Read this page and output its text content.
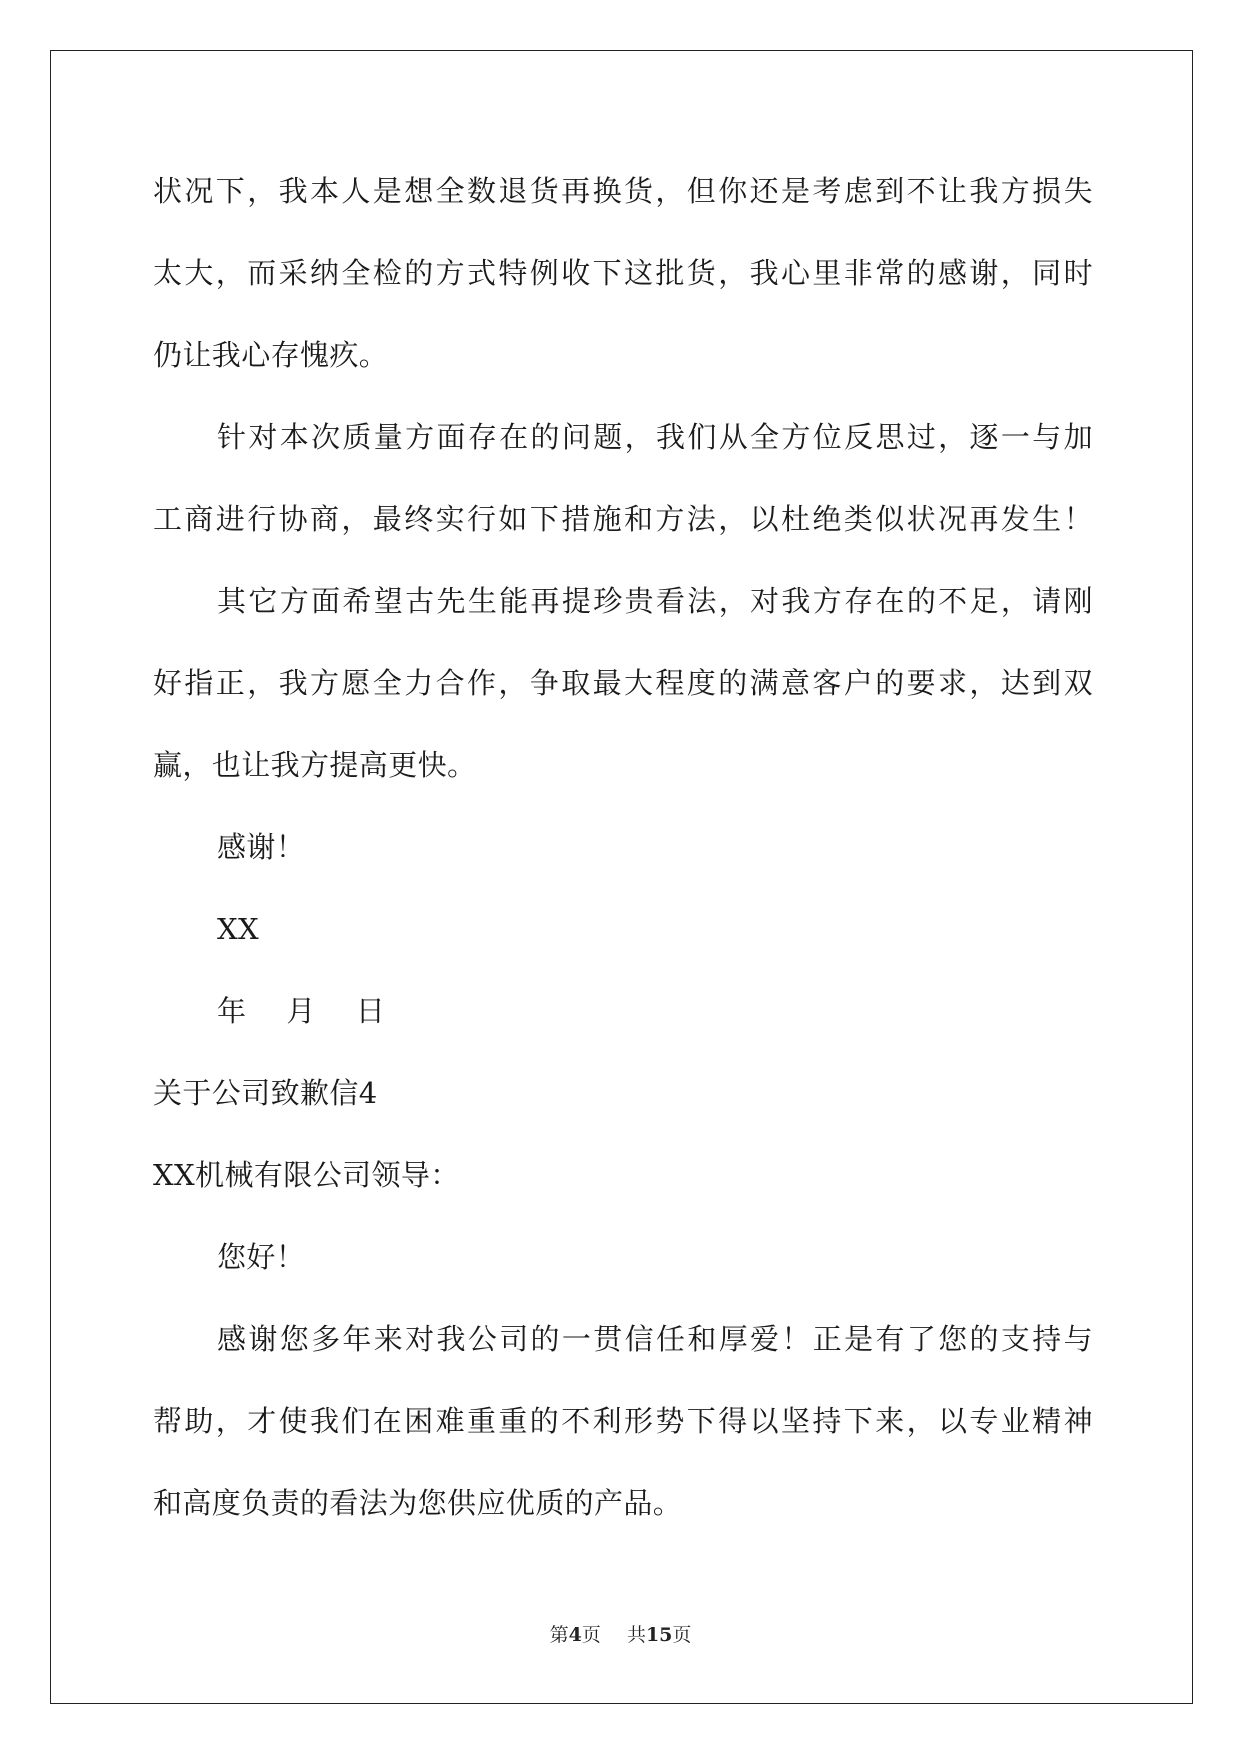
状况下，我本人是想全数退货再换货，但你还是考虑到不让我方损失
太大，而采纳全检的方式特例收下这批货，我心里非常的感谢，同时
仍让我心存愧疚。
针对本次质量方面存在的问题，我们从全方位反思过，逐一与加
工商进行协商，最终实行如下措施和方法，以杜绝类似状况再发生！
其它方面希望古先生能再提珍贵看法，对我方存在的不足，请刚
好指正，我方愿全力合作，争取最大程度的满意客户的要求，达到双
赢，也让我方提高更快。
感谢！
XX
年 月 日
关于公司致歉信4
XX机械有限公司领导：
您好！
感谢您多年来对我公司的一贯信任和厚爱！正是有了您的支持与
帮助，才使我们在困难重重的不利形势下得以坚持下来，以专业精神
和高度负责的看法为您供应优质的产品。
第4页 共15页
